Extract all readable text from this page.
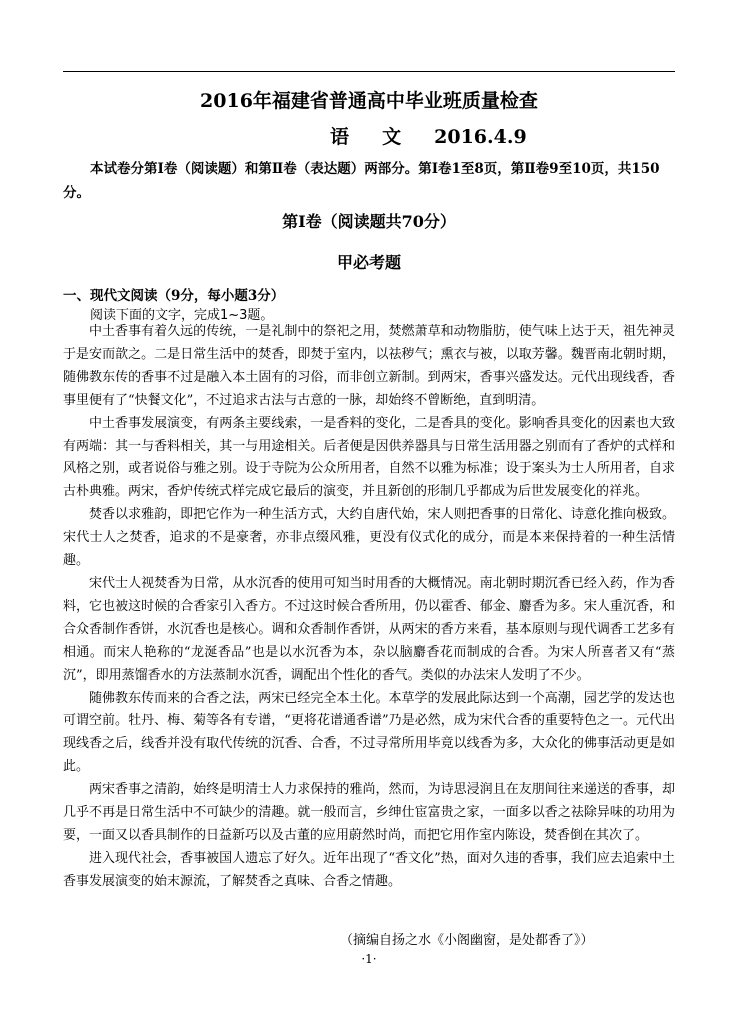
2016年福建省普通高中毕业班质量检查
语     文     2016.4.9
本试卷分第Ⅰ卷（阅读题）和第Ⅱ卷（表达题）两部分。第Ⅰ卷1至8页，第Ⅱ卷9至10页，共150分。
第Ⅰ卷（阅读题共70分）
甲必考题
一、现代文阅读（9分，每小题3分）
阅读下面的文字，完成1~3题。

中土香事有着久远的传统，一是礼制中的祭祀之用，焚燃萧草和动物脂肪，使气味上达于天，祖先神灵于是安而歆之。二是日常生活中的焚香，即焚于室内，以祛秽气；熏衣与被，以取芳馨。魏晋南北朝时期，随佛教东传的香事不过是融入本土固有的习俗，而非创立新制。到两宋，香事兴盛发达。元代出现线香，香事里便有了“快餐文化”，不过追求古法与古意的一脉，却始终不曾断绝，直到明清。

中土香事发展演变，有两条主要线索，一是香料的变化，二是香具的变化。影响香具变化的因素也大致有两端：其一与香料相关，其一与用途相关。后者便是因供养器具与日常生活用器之别而有了香炉的式样和风格之别，或者说俗与雅之别。设于寺院为公众所用者，自然不以雅为标准；设于案头为士人所用者，自求古朴典雅。两宋，香炉传统式样完成它最后的演变，并且新创的形制几乎都成为后世发展变化的祥兆。

焚香以求雅韵，即把它作为一种生活方式，大约自唐代始，宋人则把香事的日常化、诗意化推向极致。宋代士人之焚香，追求的不是豪奢，亦非点缀风雅，更没有仪式化的成分，而是本来保持着的一种生活情趣。

宋代士人视焚香为日常，从水沉香的使用可知当时用香的大概情况。南北朝时期沉香已经入药，作为香料，它也被这时候的合香家引入香方。不过这时候合香所用，仍以霍香、郁金、麝香为多。宋人重沉香，和合众香制作香饼，水沉香也是核心。调和众香制作香饼，从两宋的香方来看，基本原则与现代调香工艺多有相通。而宋人艳称的“龙涎香品”也是以水沉香为本，杂以脑麝香花而制成的合香。为宋人所喜者又有“蒸沉”，即用蒸馏香水的方法蒸制水沉香，调配出个性化的香气。类似的办法宋人发明了不少。

随佛教东传而来的合香之法，两宋已经完全本土化。本草学的发展此际达到一个高潮，园艺学的发达也可谓空前。牡丹、梅、菊等各有专谱，“更将花谱通香谱”乃是必然，成为宋代合香的重要特色之一。元代出现线香之后，线香并没有取代传统的沉香、合香，不过寻常所用毕竟以线香为多，大众化的佛事活动更是如此。

两宋香事之清韵，始终是明清士人力求保持的雅尚，然而，为诗思浸润且在友朋间往来递送的香事，却几乎不再是日常生活中不可缺少的清趣。就一般而言，乡绅仕宦富贵之家，一面多以香之祛除异味的功用为要，一面又以香具制作的日益新巧以及古董的应用蔚然时尚，而把它用作室内陈设，焚香倒在其次了。

进入现代社会，香事被国人遗忘了好久。近年出现了“香文化”热，面对久违的香事，我们应去追索中土香事发展演变的始末源流，了解焚香之真味、合香之情趣。

（摘编自扬之水《小阁幽窗，是处都香了》）
·1·
